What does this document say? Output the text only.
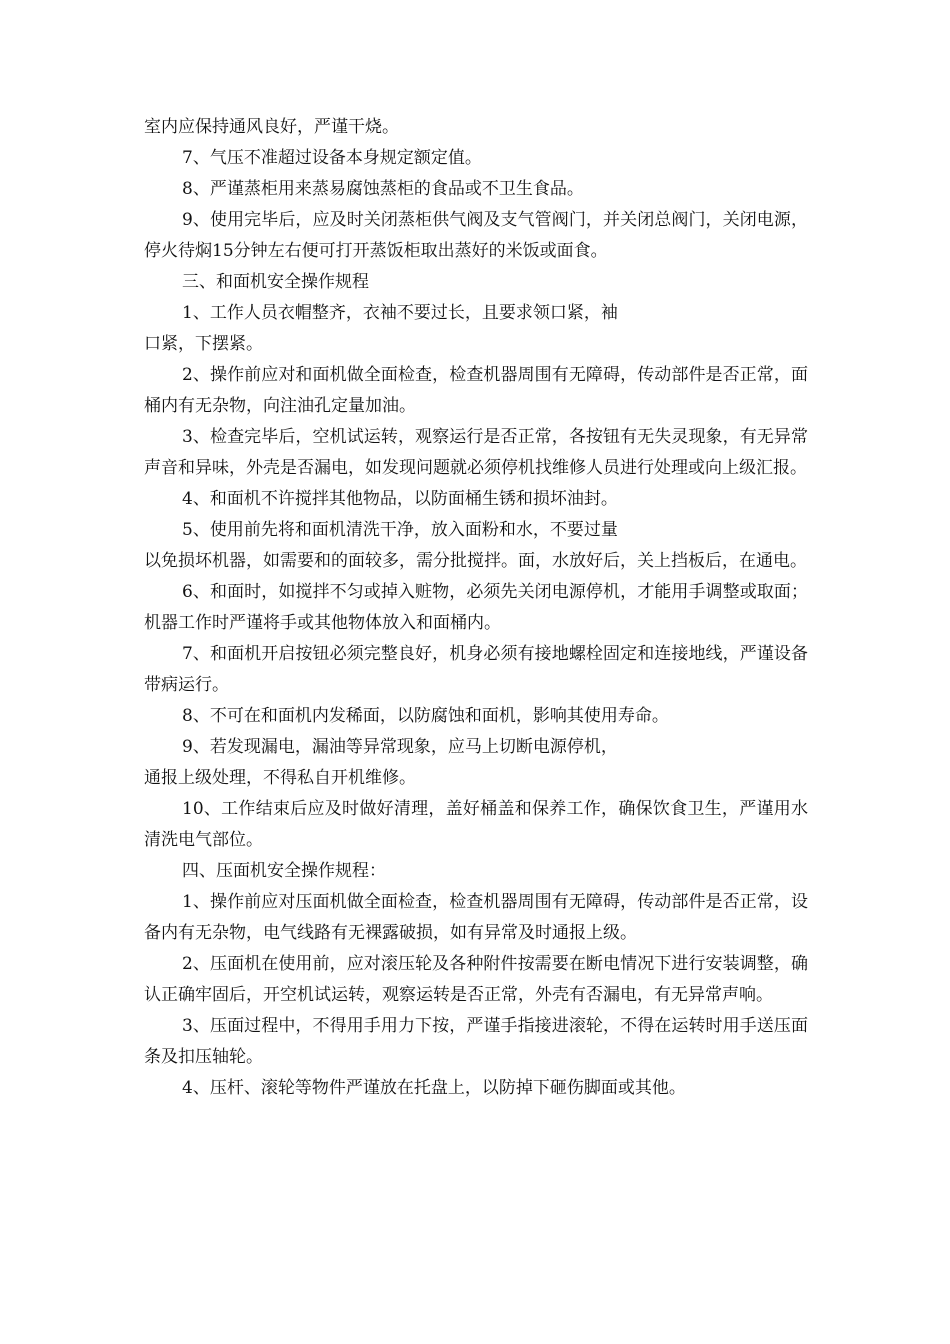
室内应保持通风良好，严谨干烧。

7、气压不准超过设备本身规定额定值。

8、严谨蒸柜用来蒸易腐蚀蒸柜的食品或不卫生食品。

9、使用完毕后，应及时关闭蒸柜供气阀及支气管阀门，并关闭总阀门，关闭电源，停火待焖15分钟左右便可打开蒸饭柜取出蒸好的米饭或面食。

三、和面机安全操作规程

1、工作人员衣帽整齐，衣袖不要过长，且要求领口紧，袖

口紧，下摆紧。

2、操作前应对和面机做全面检查，检查机器周围有无障碍，传动部件是否正常，面桶内有无杂物，向注油孔定量加油。

3、检查完毕后，空机试运转，观察运行是否正常，各按钮有无失灵现象，有无异常声音和异味，外壳是否漏电，如发现问题就必须停机找维修人员进行处理或向上级汇报。

4、和面机不许搅拌其他物品，以防面桶生锈和损坏油封。

5、使用前先将和面机清洗干净，放入面粉和水，不要过量

以免损坏机器，如需要和的面较多，需分批搅拌。面，水放好后，关上挡板后，在通电。

6、和面时，如搅拌不匀或掉入赃物，必须先关闭电源停机，才能用手调整或取面；机器工作时严谨将手或其他物体放入和面桶内。

7、和面机开启按钮必须完整良好，机身必须有接地螺栓固定和连接地线，严谨设备带病运行。

8、不可在和面机内发稀面，以防腐蚀和面机，影响其使用寿命。

9、若发现漏电，漏油等异常现象，应马上切断电源停机，

通报上级处理，不得私自开机维修。

10、工作结束后应及时做好清理，盖好桶盖和保养工作，确保饮食卫生，严谨用水清洗电气部位。

四、压面机安全操作规程：

1、操作前应对压面机做全面检查，检查机器周围有无障碍，传动部件是否正常，设备内有无杂物，电气线路有无裸露破损，如有异常及时通报上级。

2、压面机在使用前，应对滚压轮及各种附件按需要在断电情况下进行安装调整，确认正确牢固后，开空机试运转，观察运转是否正常，外壳有否漏电，有无异常声响。

3、压面过程中，不得用手用力下按，严谨手指接进滚轮，不得在运转时用手送压面条及扣压轴轮。

4、压杆、滚轮等物件严谨放在托盘上，以防掉下砸伤脚面或其他。
